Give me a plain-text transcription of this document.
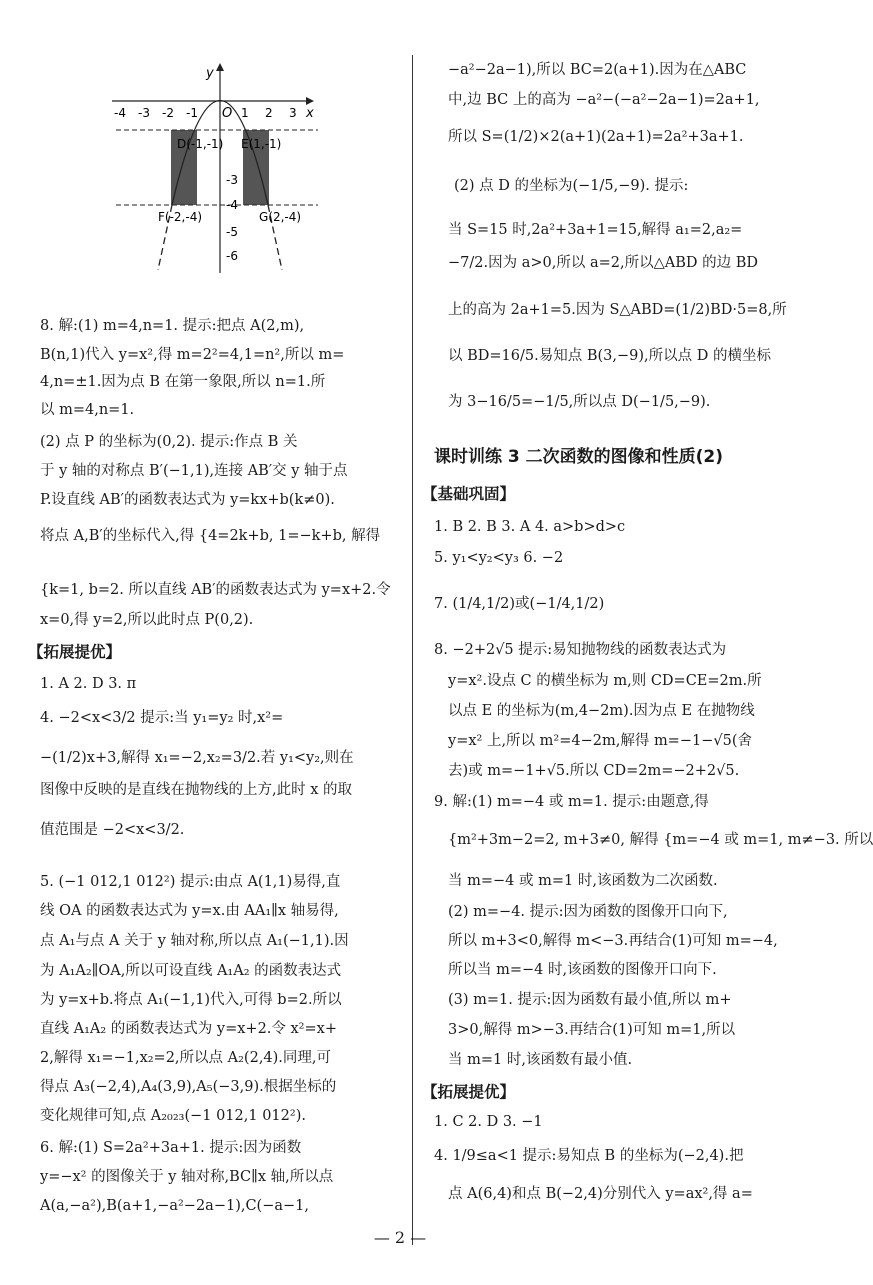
y
x
O
-4 -3 -2 -1	1 2 3
-3
-4
-5
-6
D(-1,-1) E(1,-1)
F(-2,-4)	G(2,-4)
8. 解:(1) m=4,n=1. 提示:把点 A(2,m),
B(n,1)代入 y=x²,得 m=2²=4,1=n²,所以 m=
4,n=±1.因为点 B 在第一象限,所以 n=1.所
以 m=4,n=1.
(2) 点 P 的坐标为(0,2). 提示:作点 B 关
于 y 轴的对称点 B′(−1,1),连接 AB′交 y 轴于点
P.设直线 AB′的函数表达式为 y=kx+b(k≠0).
将点 A,B′的坐标代入,得 {4=2k+b, 1=−k+b, 解得
{k=1, b=2. 所以直线 AB′的函数表达式为 y=x+2.令
x=0,得 y=2,所以此时点 P(0,2).
【拓展提优】
1. A 2. D 3. π
4. −2<x<3/2 提示:当 y₁=y₂ 时,x²=
−(1/2)x+3,解得 x₁=−2,x₂=3/2.若 y₁<y₂,则在
图像中反映的是直线在抛物线的上方,此时 x 的取
值范围是 −2<x<3/2.
5. (−1 012,1 012²) 提示:由点 A(1,1)易得,直
线 OA 的函数表达式为 y=x.由 AA₁∥x 轴易得,
点 A₁与点 A 关于 y 轴对称,所以点 A₁(−1,1).因
为 A₁A₂∥OA,所以可设直线 A₁A₂ 的函数表达式
为 y=x+b.将点 A₁(−1,1)代入,可得 b=2.所以
直线 A₁A₂ 的函数表达式为 y=x+2.令 x²=x+
2,解得 x₁=−1,x₂=2,所以点 A₂(2,4).同理,可
得点 A₃(−2,4),A₄(3,9),A₅(−3,9).根据坐标的
变化规律可知,点 A₂₀₂₃(−1 012,1 012²).
6. 解:(1) S=2a²+3a+1. 提示:因为函数
y=−x² 的图像关于 y 轴对称,BC∥x 轴,所以点
A(a,−a²),B(a+1,−a²−2a−1),C(−a−1,
−a²−2a−1),所以 BC=2(a+1).因为在△ABC
中,边 BC 上的高为 −a²−(−a²−2a−1)=2a+1,
所以 S=(1/2)×2(a+1)(2a+1)=2a²+3a+1.
(2) 点 D 的坐标为(−1/5,−9). 提示:
当 S=15 时,2a²+3a+1=15,解得 a₁=2,a₂=
−7/2.因为 a>0,所以 a=2,所以△ABD 的边 BD
上的高为 2a+1=5.因为 S△ABD=(1/2)BD·5=8,所
以 BD=16/5.易知点 B(3,−9),所以点 D 的横坐标
为 3−16/5=−1/5,所以点 D(−1/5,−9).
课时训练 3 二次函数的图像和性质(2)
【基础巩固】
1. B 2. B 3. A 4. a>b>d>c
5. y₁<y₂<y₃ 6. −2
7. (1/4,1/2)或(−1/4,1/2)
8. −2+2√5 提示:易知抛物线的函数表达式为
y=x².设点 C 的横坐标为 m,则 CD=CE=2m.所
以点 E 的坐标为(m,4−2m).因为点 E 在抛物线
y=x² 上,所以 m²=4−2m,解得 m=−1−√5(舍
去)或 m=−1+√5.所以 CD=2m=−2+2√5.
9. 解:(1) m=−4 或 m=1. 提示:由题意,得
{m²+3m−2=2, m+3≠0, 解得 {m=−4 或 m=1, m≠−3. 所以
当 m=−4 或 m=1 时,该函数为二次函数.
(2) m=−4. 提示:因为函数的图像开口向下,
所以 m+3<0,解得 m<−3.再结合(1)可知 m=−4,
所以当 m=−4 时,该函数的图像开口向下.
(3) m=1. 提示:因为函数有最小值,所以 m+
3>0,解得 m>−3.再结合(1)可知 m=1,所以
当 m=1 时,该函数有最小值.
【拓展提优】
1. C 2. D 3. −1
4. 1/9≤a<1 提示:易知点 B 的坐标为(−2,4).把
点 A(6,4)和点 B(−2,4)分别代入 y=ax²,得 a=
— 2 —
